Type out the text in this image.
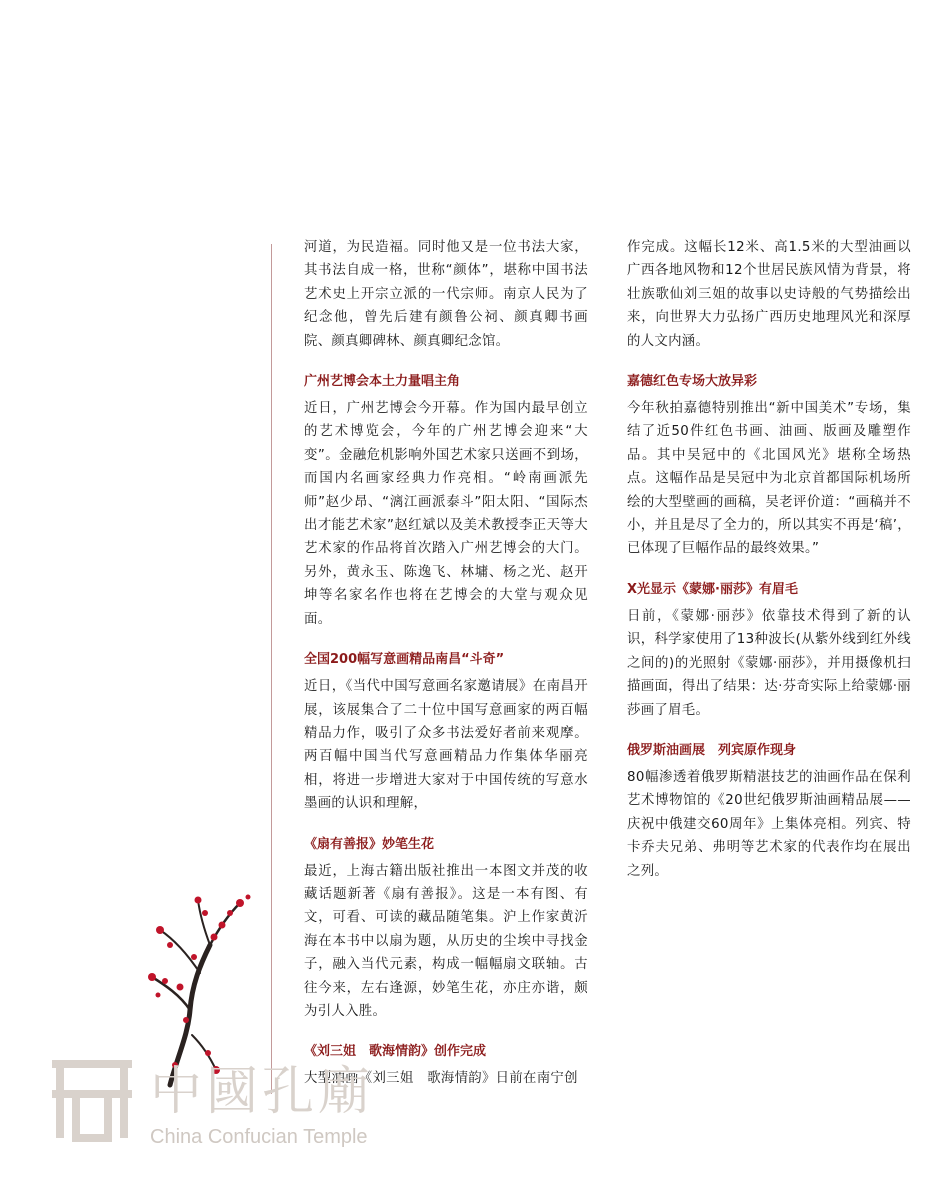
河道，为民造福。同时他又是一位书法大家，其书法自成一格，世称“颜体”，堪称中国书法艺术史上开宗立派的一代宗师。南京人民为了纪念他，曾先后建有颜鲁公祠、颜真卿书画院、颜真卿碑林、颜真卿纪念馆。

广州艺博会本土力量唱主角

近日，广州艺博会今开幕。作为国内最早创立的艺术博览会，今年的广州艺博会迎来“大变”。金融危机影响外国艺术家只送画不到场，而国内名画家经典力作亮相。“岭南画派先师”赵少昂、“漓江画派泰斗”阳太阳、“国际杰出才能艺术家”赵红斌以及美术教授李正天等大艺术家的作品将首次踏入广州艺博会的大门。另外，黄永玉、陈逸飞、林墉、杨之光、赵开坤等名家名作也将在艺博会的大堂与观众见面。

全国200幅写意画精品南昌“斗奇”

近日，《当代中国写意画名家邀请展》在南昌开展，该展集合了二十位中国写意画家的两百幅精品力作，吸引了众多书法爱好者前来观摩。两百幅中国当代写意画精品力作集体华丽亮相，将进一步增进大家对于中国传统的写意水墨画的认识和理解，

《扇有善报》妙笔生花

最近，上海古籍出版社推出一本图文并茂的收藏话题新著《扇有善报》。这是一本有图、有文，可看、可读的藏品随笔集。沪上作家黄沂海在本书中以扇为题，从历史的尘埃中寻找金子，融入当代元素，构成一幅幅扇文联轴。古往今来，左右逢源，妙笔生花，亦庄亦谐，颇为引人入胜。

《刘三姐　歌海情韵》创作完成

大型油画《刘三姐　歌海情韵》日前在南宁创

作完成。这幅长12米、高1.5米的大型油画以广西各地风物和12个世居民族风情为背景，将壮族歌仙刘三姐的故事以史诗般的气势描绘出来，向世界大力弘扬广西历史地理风光和深厚的人文内涵。

嘉德红色专场大放异彩

今年秋拍嘉德特别推出“新中国美术”专场，集结了近50件红色书画、油画、版画及雕塑作品。其中吴冠中的《北国风光》堪称全场热点。这幅作品是吴冠中为北京首都国际机场所绘的大型壁画的画稿，吴老评价道：“画稿并不小，并且是尽了全力的，所以其实不再是‘稿’，已体现了巨幅作品的最终效果。”

X光显示《蒙娜·丽莎》有眉毛

日前，《蒙娜·丽莎》依靠技术得到了新的认识，科学家使用了13种波长(从紫外线到红外线之间的)的光照射《蒙娜·丽莎》，并用摄像机扫描画面，得出了结果：达·芬奇实际上给蒙娜·丽莎画了眉毛。

俄罗斯油画展　列宾原作现身

80幅渗透着俄罗斯精湛技艺的油画作品在保利艺术博物馆的《20世纪俄罗斯油画精品展——庆祝中俄建交60周年》上集体亮相。列宾、特卡乔夫兄弟、弗明等艺术家的代表作均在展出之列。

中國孔廟
China Confucian Temple
